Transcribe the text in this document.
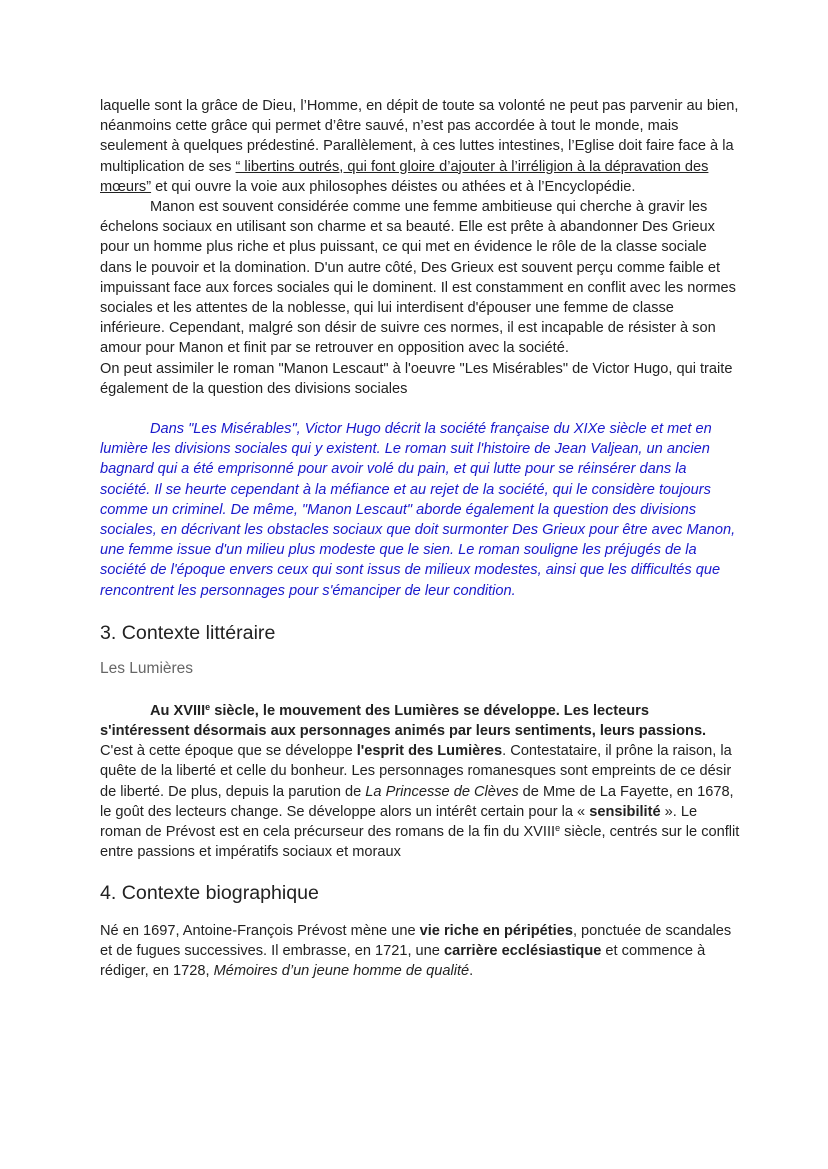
laquelle sont la grâce de Dieu, l’Homme, en dépit de toute sa volonté ne peut pas parvenir au bien, néanmoins cette grâce qui permet d’être sauvé, n’est pas accordée à tout le monde, mais seulement à quelques prédestiné. Parallèlement, à ces luttes intestines, l’Eglise doit faire face à la multiplication de ses “ libertins outrés, qui font gloire d’ajouter à l’irréligion à la dépravation des mœurs” et qui ouvre la voie aux philosophes déistes ou athées et à l’Encyclopédie.

Manon est souvent considérée comme une femme ambitieuse qui cherche à gravir les échelons sociaux en utilisant son charme et sa beauté. Elle est prête à abandonner Des Grieux pour un homme plus riche et plus puissant, ce qui met en évidence le rôle de la classe sociale dans le pouvoir et la domination. D'un autre côté, Des Grieux est souvent perçu comme faible et impuissant face aux forces sociales qui le dominent. Il est constamment en conflit avec les normes sociales et les attentes de la noblesse, qui lui interdisent d'épouser une femme de classe inférieure. Cependant, malgré son désir de suivre ces normes, il est incapable de résister à son amour pour Manon et finit par se retrouver en opposition avec la société.

On peut assimiler le roman "Manon Lescaut" à l'oeuvre "Les Misérables" de Victor Hugo, qui traite également de la question des divisions sociales

Dans "Les Misérables", Victor Hugo décrit la société française du XIXe siècle et met en lumière les divisions sociales qui y existent. Le roman suit l'histoire de Jean Valjean, un ancien bagnard qui a été emprisonné pour avoir volé du pain, et qui lutte pour se réinsérer dans la société. Il se heurte cependant à la méfiance et au rejet de la société, qui le considère toujours comme un criminel. De même, "Manon Lescaut" aborde également la question des divisions sociales, en décrivant les obstacles sociaux que doit surmonter Des Grieux pour être avec Manon, une femme issue d'un milieu plus modeste que le sien. Le roman souligne les préjugés de la société de l'époque envers ceux qui sont issus de milieux modestes, ainsi que les difficultés que rencontrent les personnages pour s'émanciper de leur condition.

3. Contexte littéraire
Les Lumières

Au XVIIIe siècle, le mouvement des Lumières se développe. Les lecteurs s'intéressent désormais aux personnages animés par leurs sentiments, leurs passions. C'est à cette époque que se développe l'esprit des Lumières. Contestataire, il prône la raison, la quête de la liberté et celle du bonheur. Les personnages romanesques sont empreints de ce désir de liberté. De plus, depuis la parution de La Princesse de Clèves de Mme de La Fayette, en 1678, le goût des lecteurs change. Se développe alors un intérêt certain pour la « sensibilité ». Le roman de Prévost est en cela précurseur des romans de la fin du XVIIIe siècle, centrés sur le conflit entre passions et impératifs sociaux et moraux

4. Contexte biographique

Né en 1697, Antoine-François Prévost mène une vie riche en péripéties, ponctuée de scandales et de fugues successives. Il embrasse, en 1721, une carrière ecclésiastique et commence à rédiger, en 1728, Mémoires d’un jeune homme de qualité.
